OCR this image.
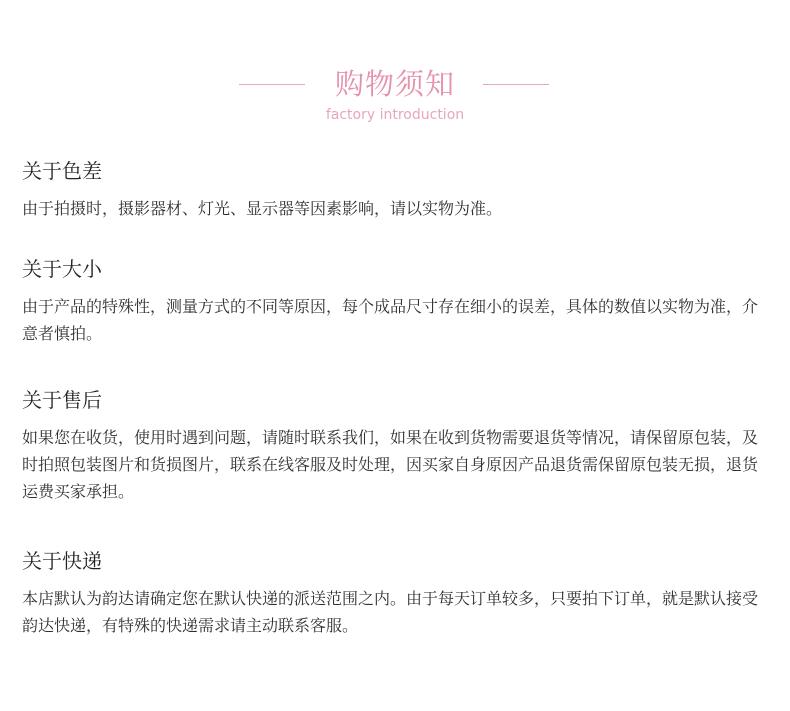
购物须知
factory introduction
关于色差

由于拍摄时，摄影器材、灯光、显示器等因素影响，请以实物为准。

关于大小

由于产品的特殊性，测量方式的不同等原因，每个成品尺寸存在细小的误差，具体的数值以实物为准，介意者慎拍。

关于售后

如果您在收货，使用时遇到问题，请随时联系我们，如果在收到货物需要退货等情况，请保留原包装，及时拍照包装图片和货损图片，联系在线客服及时处理，因买家自身原因产品退货需保留原包装无损，退货运费买家承担。

关于快递

本店默认为韵达请确定您在默认快递的派送范围之内。由于每天订单较多，只要拍下订单，就是默认接受韵达快递，有特殊的快递需求请主动联系客服。
